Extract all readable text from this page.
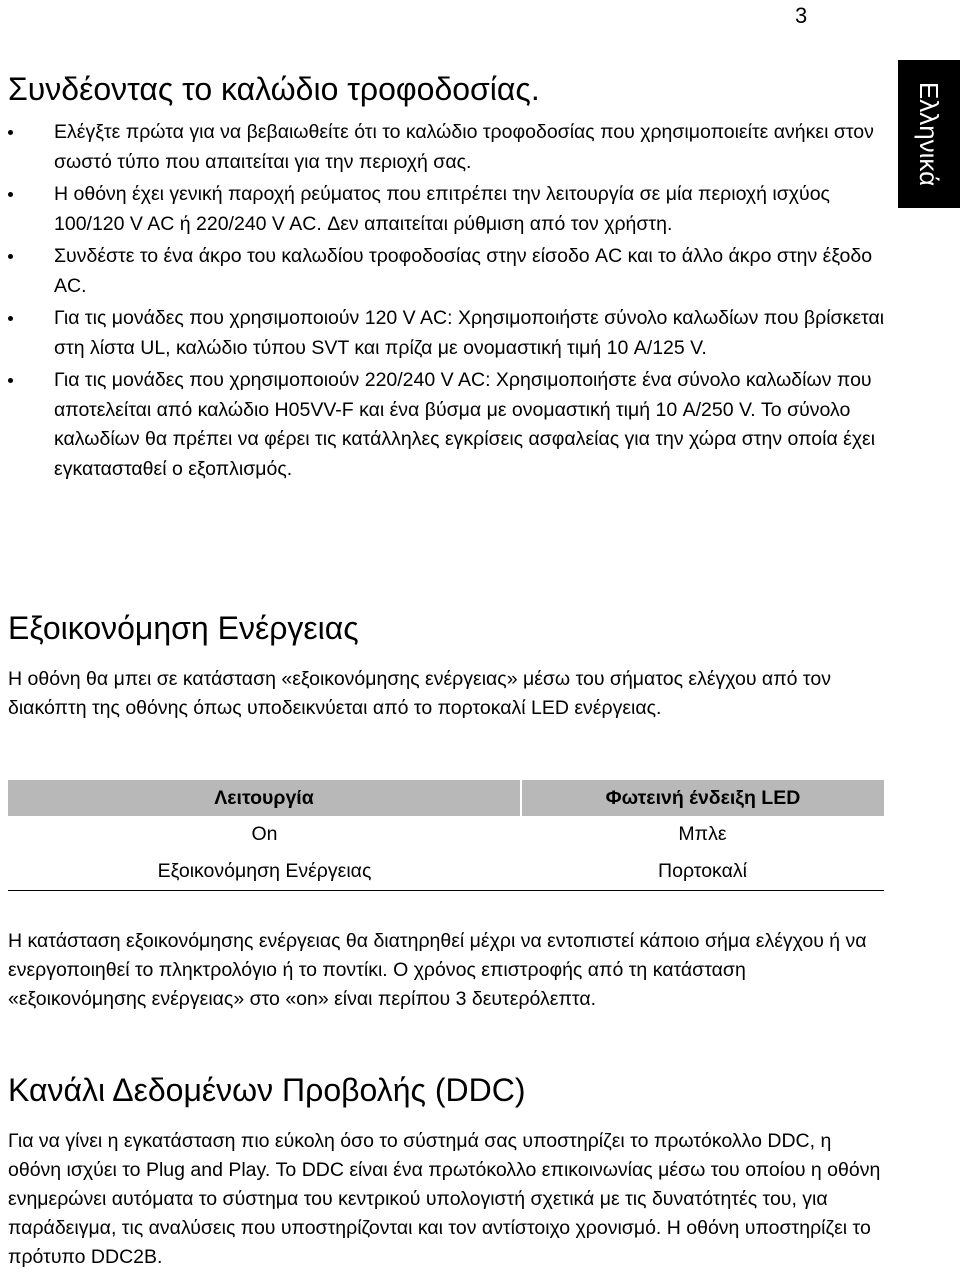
3
Ελληνικά
Συνδέοντας το καλώδιο τροφοδοσίας.
Ελέγξτε πρώτα για να βεβαιωθείτε ότι το καλώδιο τροφοδοσίας που χρησιμοποιείτε ανήκει στον σωστό τύπο που απαιτείται για την περιοχή σας.
Η οθόνη έχει γενική παροχή ρεύματος που επιτρέπει την λειτουργία σε μία περιοχή ισχύος 100/120 V AC ή 220/240 V AC. Δεν απαιτείται ρύθμιση από τον χρήστη.
Συνδέστε το ένα άκρο του καλωδίου τροφοδοσίας στην είσοδο AC και το άλλο άκρο στην έξοδο AC.
Για τις μονάδες που χρησιμοποιούν 120 V AC: Χρησιμοποιήστε σύνολο καλωδίων που βρίσκεται στη λίστα UL, καλώδιο τύπου SVT και πρίζα με ονομαστική τιμή 10 A/125 V.
Για τις μονάδες που χρησιμοποιούν 220/240 V AC: Χρησιμοποιήστε ένα σύνολο καλωδίων που αποτελείται από καλώδιο H05VV-F και ένα βύσμα με ονομαστική τιμή 10 A/250 V. Το σύνολο καλωδίων θα πρέπει να φέρει τις κατάλληλες εγκρίσεις ασφαλείας για την χώρα στην οποία έχει εγκατασταθεί ο εξοπλισμός.
Εξοικονόμηση Ενέργειας

Η οθόνη θα μπει σε κατάσταση «εξοικονόμησης ενέργειας» μέσω του σήματος ελέγχου από τον διακόπτη της οθόνης όπως υποδεικνύεται από το πορτοκαλί LED ενέργειας.

Λειτουργία	Φωτεινή ένδειξη LED
On	Μπλε
Εξοικονόμηση Ενέργειας	Πορτοκαλί

Η κατάσταση εξοικονόμησης ενέργειας θα διατηρηθεί μέχρι να εντοπιστεί κάποιο σήμα ελέγχου ή να ενεργοποιηθεί το πληκτρολόγιο ή το ποντίκι. Ο χρόνος επιστροφής από τη κατάσταση «εξοικονόμησης ενέργειας» στο «on» είναι περίπου 3 δευτερόλεπτα.

Κανάλι Δεδομένων Προβολής (DDC)

Για να γίνει η εγκατάσταση πιο εύκολη όσο το σύστημά σας υποστηρίζει το πρωτόκολλο DDC, η οθόνη ισχύει το Plug and Play. Το DDC είναι ένα πρωτόκολλο επικοινωνίας μέσω του οποίου η οθόνη ενημερώνει αυτόματα το σύστημα του κεντρικού υπολογιστή σχετικά με τις δυνατότητές του, για παράδειγμα, τις αναλύσεις που υποστηρίζονται και τον αντίστοιχο χρονισμό. Η οθόνη υποστηρίζει το πρότυπο DDC2B.
